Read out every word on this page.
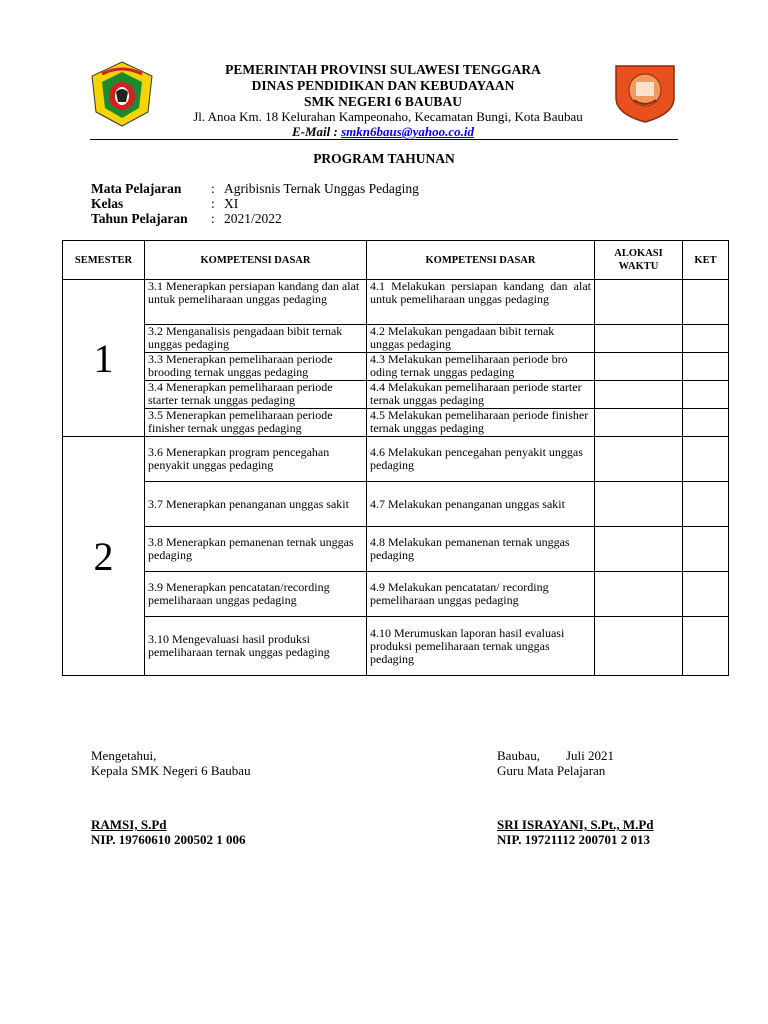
PEMERINTAH PROVINSI SULAWESI TENGGARA
DINAS PENDIDIKAN DAN KEBUDAYAAN
SMK NEGERI 6 BAUBAU
Jl. Anoa Km. 18 Kelurahan Kampeonaho, Kecamatan Bungi, Kota Baubau
E-Mail : smkn6baus@yahoo.co.id
PROGRAM TAHUNAN
Mata Pelajaran : Agribisnis Ternak Unggas Pedaging
Kelas	: XI
Tahun Pelajaran : 2021/2022
SEMESTER	KOMPETENSI DASAR	KOMPETENSI DASAR	ALOKASI WAKTU	KET
1	3.1 Menerapkan persiapan kandang dan alat untuk pemeliharaan unggas pedaging	4.1 Melakukan persiapan kandang dan alat untuk pemeliharaan unggas pedaging		
	3.2 Menganalisis pengadaan bibit ternak unggas pedaging	4.2 Melakukan pengadaan bibit ternak unggas pedaging		
	3.3 Menerapkan pemeliharaan periode brooding ternak unggas pedaging	4.3 Melakukan pemeliharaan periode bro oding ternak unggas pedaging		
	3.4 Menerapkan pemeliharaan periode starter ternak unggas pedaging	4.4 Melakukan pemeliharaan periode starter ternak unggas pedaging		
	3.5 Menerapkan pemeliharaan periode finisher ternak unggas pedaging	4.5 Melakukan pemeliharaan periode finisher ternak unggas pedaging		
2	3.6 Menerapkan program pencegahan penyakit unggas pedaging	4.6 Melakukan pencegahan penyakit unggas pedaging		
	3.7 Menerapkan penanganan unggas sakit	4.7 Melakukan penanganan unggas sakit		
	3.8 Menerapkan pemanenan ternak unggas pedaging	4.8 Melakukan pemanenan ternak unggas pedaging		
	3.9 Menerapkan pencatatan/recording pemeliharaan unggas pedaging	4.9 Melakukan pencatatan/ recording pemeliharaan unggas pedaging		
	3.10 Mengevaluasi hasil produksi pemeliharaan ternak unggas pedaging	4.10 Merumuskan laporan hasil evaluasi produksi pemeliharaan ternak unggas pedaging		
Mengetahui,
Kepala SMK Negeri 6 Baubau
RAMSI, S.Pd
NIP. 19760610 200502 1 006
Baubau, Juli 2021
Guru Mata Pelajaran
SRI ISRAYANI, S.Pt., M.Pd
NIP. 19721112 200701 2 013
